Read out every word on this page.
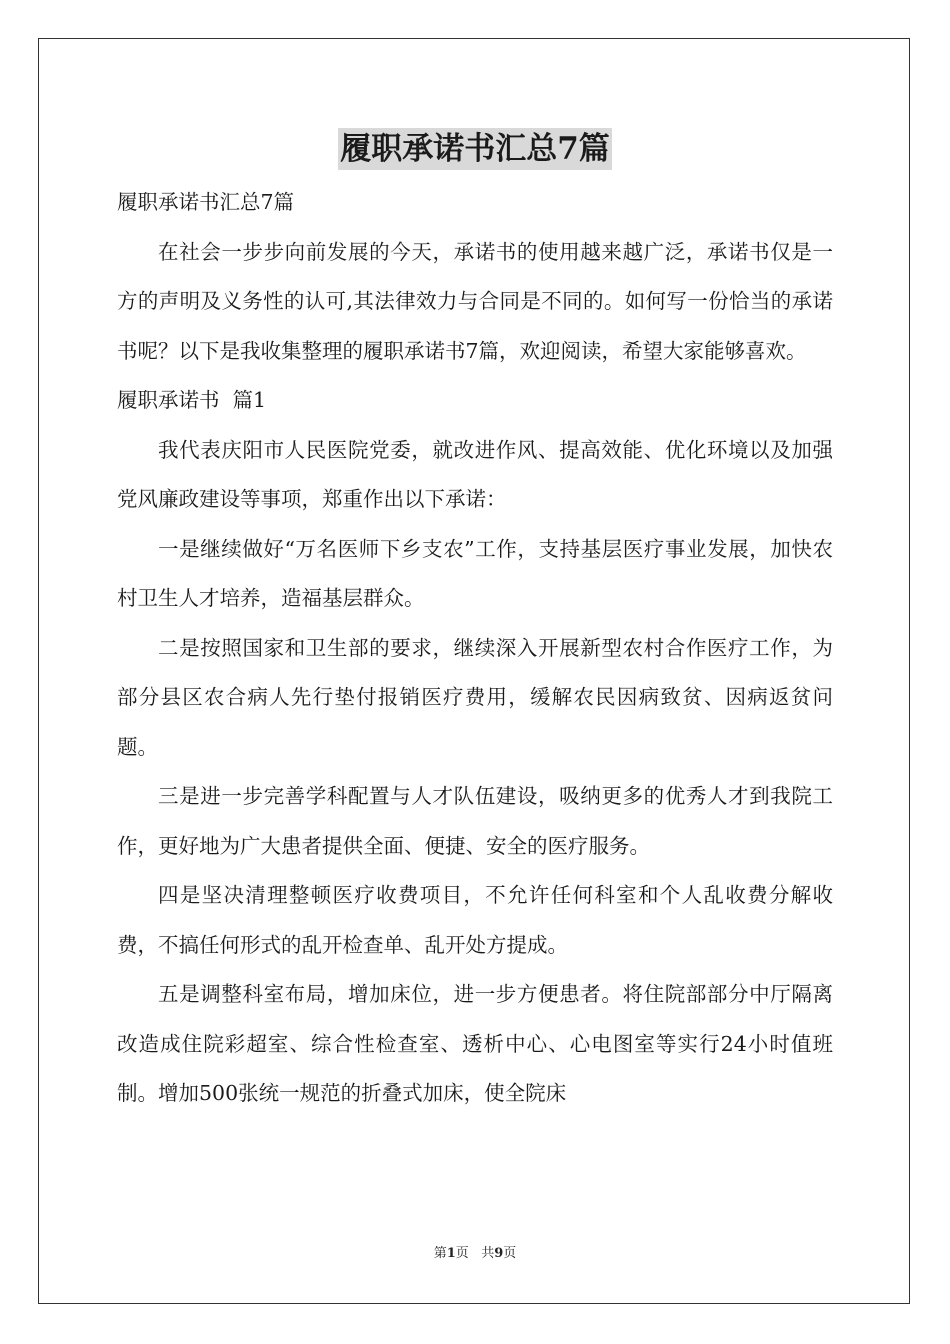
履职承诺书汇总7篇

履职承诺书汇总7篇

在社会一步步向前发展的今天，承诺书的使用越来越广泛，承诺书仅是一方的声明及义务性的认可,其法律效力与合同是不同的。如何写一份恰当的承诺书呢？以下是我收集整理的履职承诺书7篇，欢迎阅读，希望大家能够喜欢。

履职承诺书  篇1

我代表庆阳市人民医院党委，就改进作风、提高效能、优化环境以及加强党风廉政建设等事项，郑重作出以下承诺：

一是继续做好“万名医师下乡支农”工作，支持基层医疗事业发展，加快农村卫生人才培养，造福基层群众。

二是按照国家和卫生部的要求，继续深入开展新型农村合作医疗工作，为部分县区农合病人先行垫付报销医疗费用，缓解农民因病致贫、因病返贫问题。

三是进一步完善学科配置与人才队伍建设，吸纳更多的优秀人才到我院工作，更好地为广大患者提供全面、便捷、安全的医疗服务。

四是坚决清理整顿医疗收费项目，不允许任何科室和个人乱收费分解收费，不搞任何形式的乱开检查单、乱开处方提成。

五是调整科室布局，增加床位，进一步方便患者。将住院部部分中厅隔离改造成住院彩超室、综合性检查室、透析中心、心电图室等实行24小时值班制。增加500张统一规范的折叠式加床，使全院床

第1页   共9页
